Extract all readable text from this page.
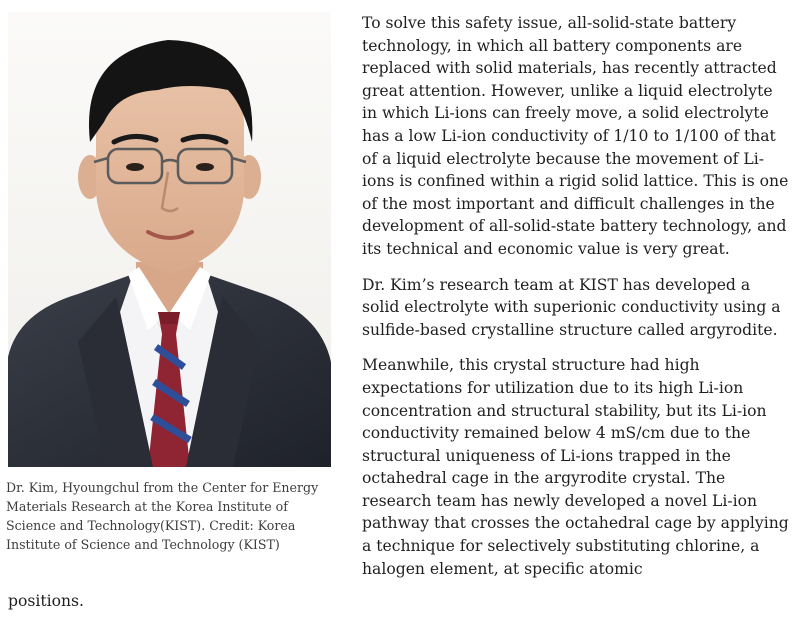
Dr. Kim, Hyoungchul from the Center for Energy Materials Research at the Korea Institute of Science and Technology(KIST). Credit: Korea Institute of Science and Technology (KIST)

To solve this safety issue, all-solid-state battery technology, in which all battery components are replaced with solid materials, has recently attracted great attention. However, unlike a liquid electrolyte in which Li-ions can freely move, a solid electrolyte has a low Li-ion conductivity of 1/10 to 1/100 of that of a liquid electrolyte because the movement of Li-ions is confined within a rigid solid lattice. This is one of the most important and difficult challenges in the development of all-solid-state battery technology, and its technical and economic value is very great.

Dr. Kim’s research team at KIST has developed a solid electrolyte with superionic conductivity using a sulfide-based crystalline structure called argyrodite.

Meanwhile, this crystal structure had high expectations for utilization due to its high Li-ion concentration and structural stability, but its Li-ion conductivity remained below 4 mS/cm due to the structural uniqueness of Li-ions trapped in the octahedral cage in the argyrodite crystal. The research team has newly developed a novel Li-ion pathway that crosses the octahedral cage by applying a technique for selectively substituting chlorine, a halogen element, at specific atomic

positions.
